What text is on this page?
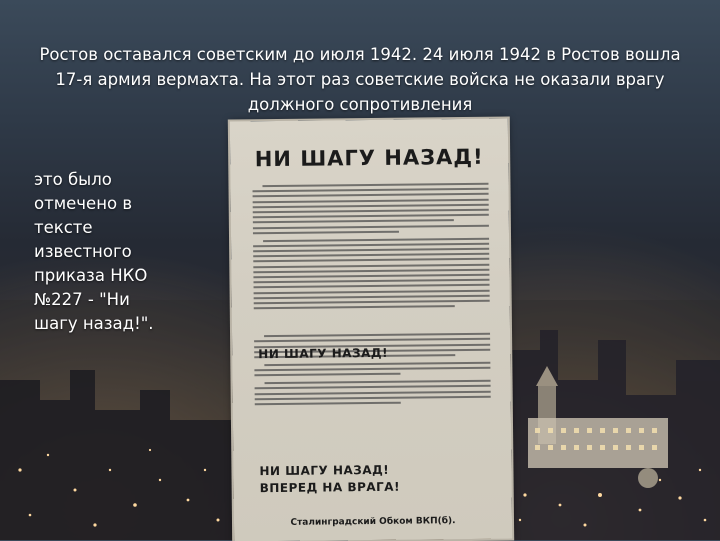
Ростов оставался советским до июля 1942. 24 июля 1942 в Ростов вошла 17-я армия вермахта. На этот раз советские войска не оказали врагу должного сопротивления
это было отмечено в тексте известного приказа НКО №227 - "Ни шагу назад!".
НИ ШАГУ НАЗАД!
НИ ШАГУ НАЗАД!
НИ ШАГУ НАЗАД!
ВПЕРЕД НА ВРАГА!
Сталинградский Обком ВКП(б).
